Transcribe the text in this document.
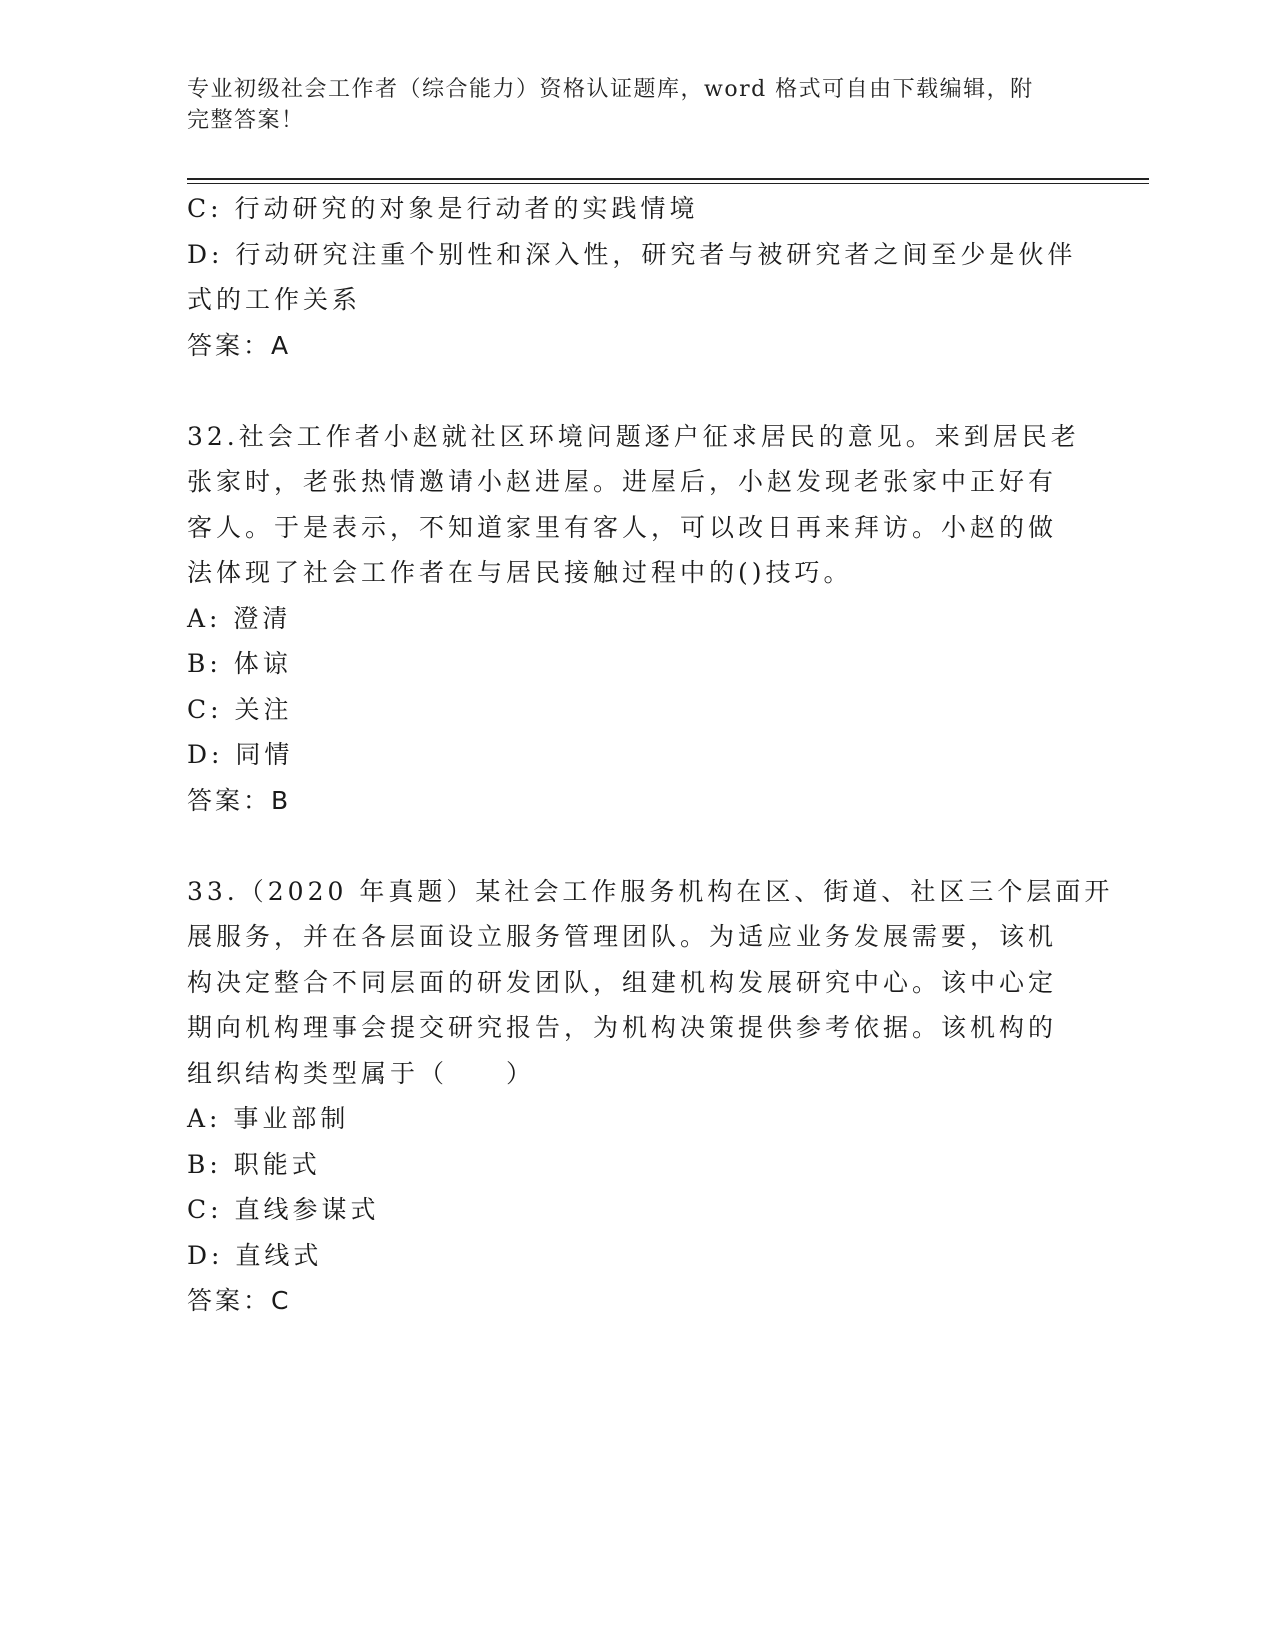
专业初级社会工作者（综合能力）资格认证题库，word 格式可自由下载编辑，附
完整答案！
C: 行动研究的对象是行动者的实践情境
D: 行动研究注重个别性和深入性，研究者与被研究者之间至少是伙伴
式的工作关系
答案：A
32.社会工作者小赵就社区环境问题逐户征求居民的意见。来到居民老
张家时，老张热情邀请小赵进屋。进屋后，小赵发现老张家中正好有
客人。于是表示，不知道家里有客人，可以改日再来拜访。小赵的做
法体现了社会工作者在与居民接触过程中的()技巧。
A: 澄清
B: 体谅
C: 关注
D: 同情
答案：B
33.（2020 年真题）某社会工作服务机构在区、街道、社区三个层面开
展服务，并在各层面设立服务管理团队。为适应业务发展需要，该机
构决定整合不同层面的研发团队，组建机构发展研究中心。该中心定
期向机构理事会提交研究报告，为机构决策提供参考依据。该机构的
组织结构类型属于（　　）
A: 事业部制
B: 职能式
C: 直线参谋式
D: 直线式
答案：C
